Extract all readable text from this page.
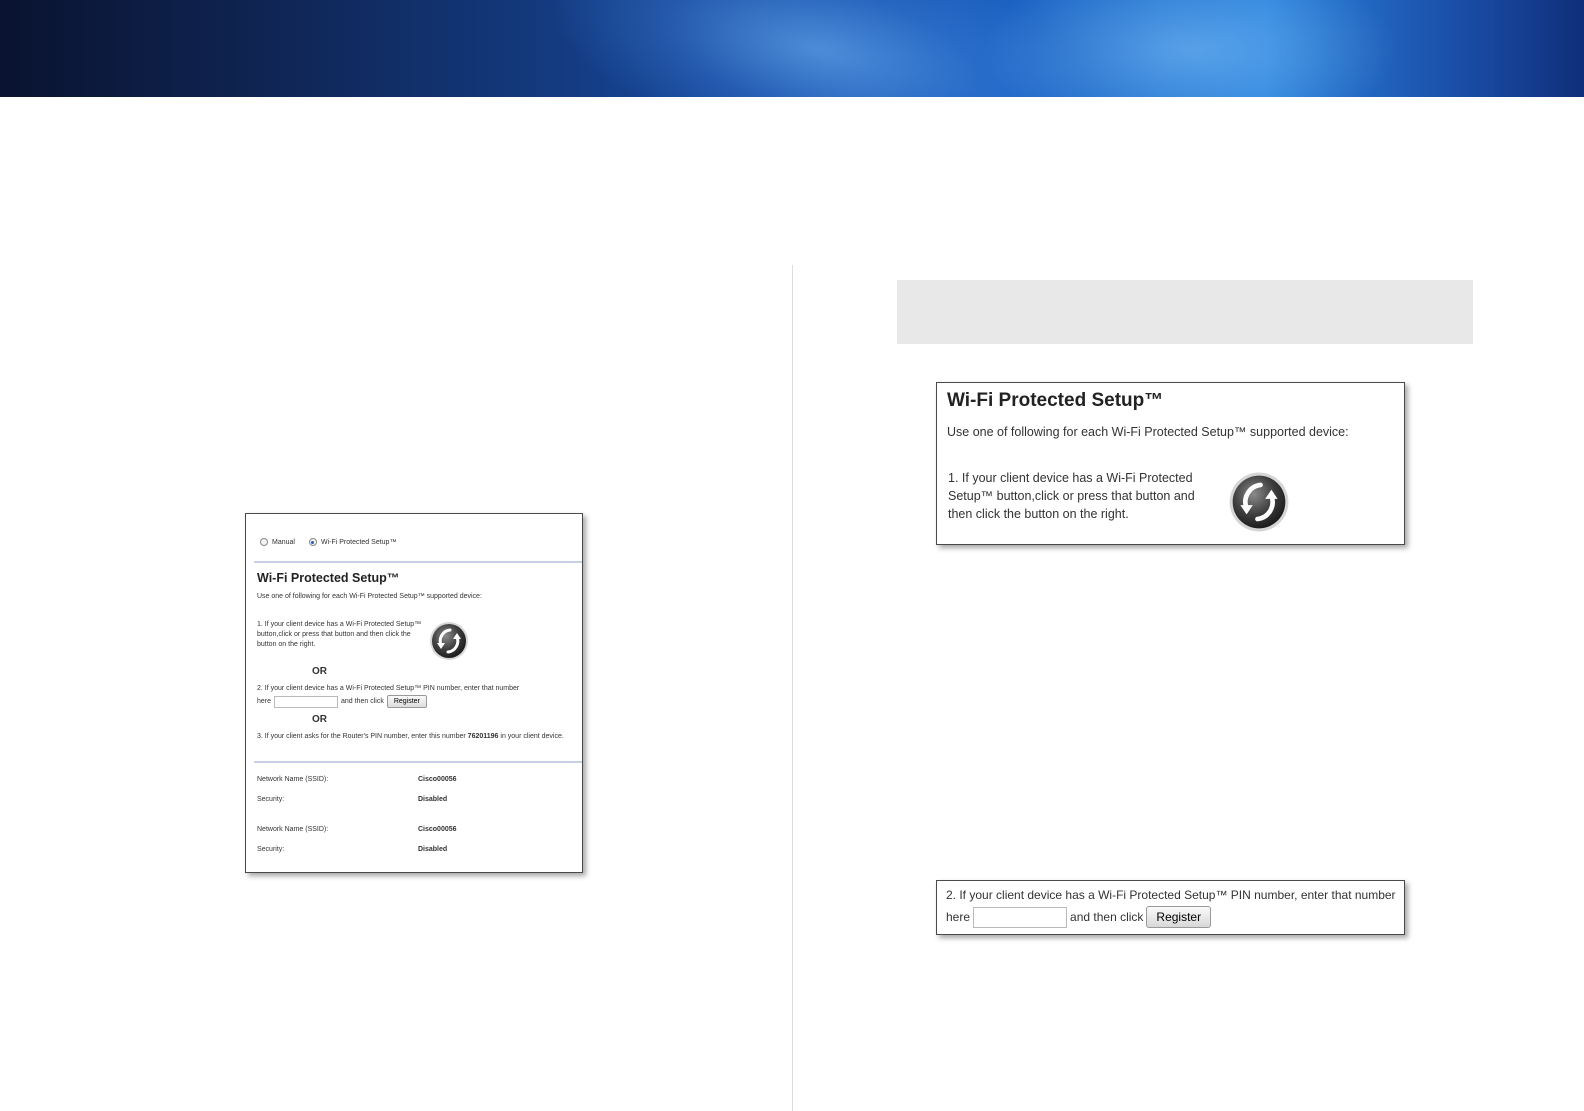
Manual	Wi-Fi Protected Setup™
Wi-Fi Protected Setup™
Use one of following for each Wi-Fi Protected Setup™ supported device:
1. If your client device has a Wi-Fi Protected Setup™ button,click or press that button and then click the button on the right.
OR
2. If your client device has a Wi-Fi Protected Setup™ PIN number, enter that number
here	and then click	Register
OR
3. If your client asks for the Router's PIN number, enter this number 76201196 in your client device.
Network Name (SSID):	Cisco00056
Security:	Disabled
Network Name (SSID):	Cisco00056
Security:	Disabled
Wi-Fi Protected Setup™
Use one of following for each Wi-Fi Protected Setup™ supported device:
1. If your client device has a Wi-Fi Protected Setup™ button,click or press that button and then click the button on the right.
2. If your client device has a Wi-Fi Protected Setup™ PIN number, enter that number
here	and then click	Register
